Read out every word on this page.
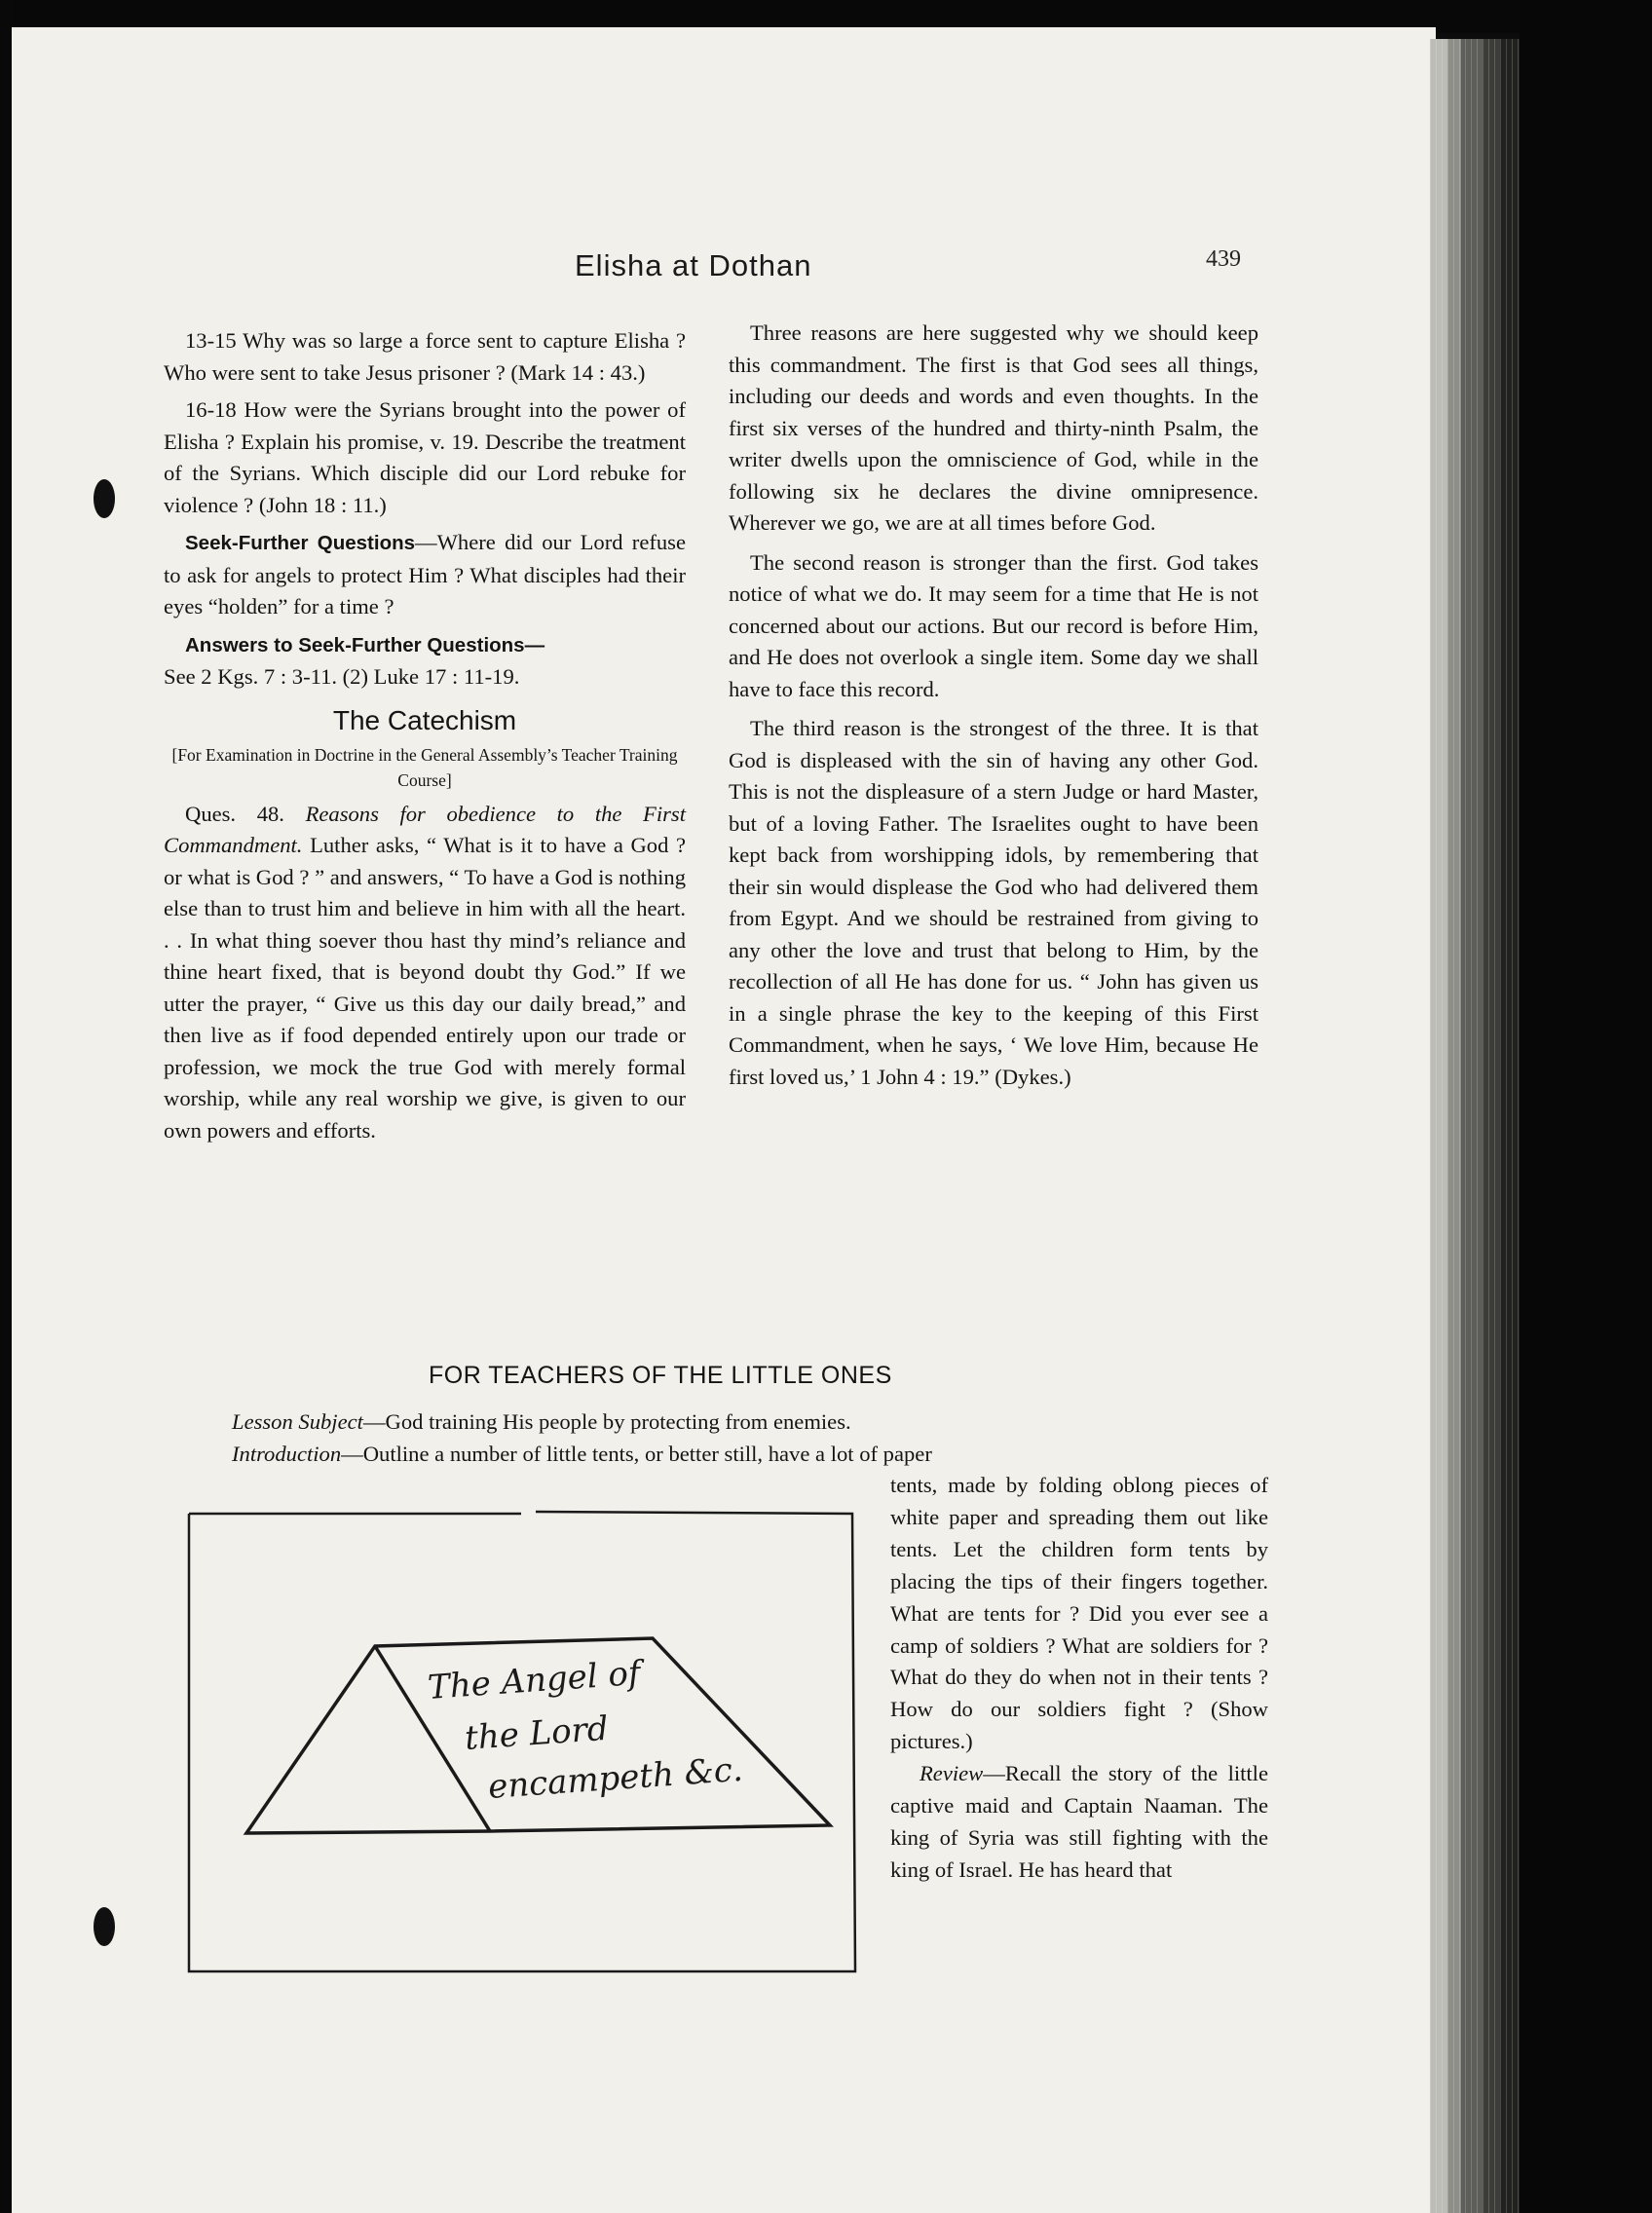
Elisha at Dothan	439

13-15 Why was so large a force sent to capture Elisha ? Who were sent to take Jesus prisoner ? (Mark 14 : 43.)

16-18 How were the Syrians brought into the power of Elisha ? Explain his promise, v. 19. Describe the treatment of the Syrians. Which disciple did our Lord rebuke for violence ? (John 18 : 11.)

Seek-Further Questions—Where did our Lord refuse to ask for angels to protect Him ? What disciples had their eyes “holden” for a time ?

Answers to Seek-Further Questions—

See 2 Kgs. 7 : 3-11. (2) Luke 17 : 11-19.

The Catechism

[For Examination in Doctrine in the General Assembly’s Teacher Training Course]

Ques. 48. Reasons for obedience to the First Commandment. Luther asks, “ What is it to have a God ? or what is God ? ” and answers, “ To have a God is nothing else than to trust him and believe in him with all the heart. . . In what thing soever thou hast thy mind’s reliance and thine heart fixed, that is beyond doubt thy God.” If we utter the prayer, “ Give us this day our daily bread,” and then live as if food depended entirely upon our trade or profession, we mock the true God with merely formal worship, while any real worship we give, is given to our own powers and efforts.

Three reasons are here suggested why we should keep this commandment. The first is that God sees all things, including our deeds and words and even thoughts. In the first six verses of the hundred and thirty-ninth Psalm, the writer dwells upon the omniscience of God, while in the following six he declares the divine omnipresence. Wherever we go, we are at all times before God.

The second reason is stronger than the first. God takes notice of what we do. It may seem for a time that He is not concerned about our actions. But our record is before Him, and He does not overlook a single item. Some day we shall have to face this record.

The third reason is the strongest of the three. It is that God is displeased with the sin of having any other God. This is not the displeasure of a stern Judge or hard Master, but of a loving Father. The Israelites ought to have been kept back from worshipping idols, by remembering that their sin would displease the God who had delivered them from Egypt. And we should be restrained from giving to any other the love and trust that belong to Him, by the recollection of all He has done for us. “ John has given us in a single phrase the key to the keeping of this First Commandment, when he says, ‘ We love Him, because He first loved us,’ 1 John 4 : 19.” (Dykes.)

FOR TEACHERS OF THE LITTLE ONES
Lesson Subject—God training His people by protecting from enemies.
Introduction—Outline a number of little tents, or better still, have a lot of paper

tents, made by folding oblong pieces of white paper and spreading them out like tents. Let the children form tents by placing the tips of their fingers together. What are tents for ? Did you ever see a camp of soldiers ? What are soldiers for ? What do they do when not in their tents ? How do our soldiers fight ? (Show pictures.)

Review—Recall the story of the little captive maid and Captain Naaman. The king of Syria was still fighting with the king of Israel. He has heard that

The Angel of
the Lord
encampeth &c.
